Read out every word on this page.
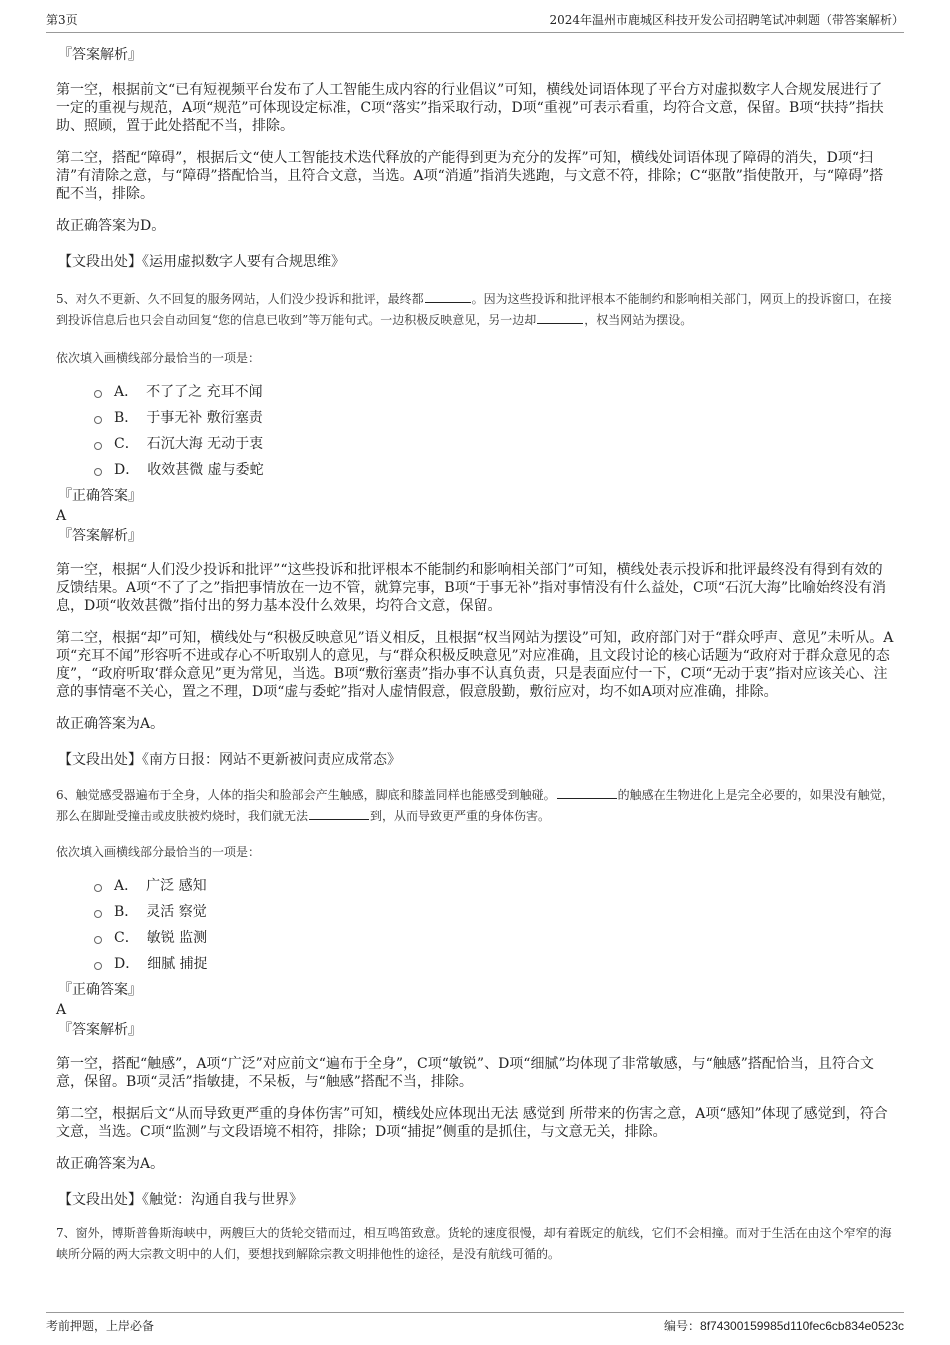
第3页	2024年温州市鹿城区科技开发公司招聘笔试冲刺题（带答案解析）

『答案解析』

第一空，根据前文“已有短视频平台发布了人工智能生成内容的行业倡议”可知，横线处词语体现了平台方对虚拟数字人合规发展进行了一定的重视与规范，A项“规范”可体现设定标准，C项“落实”指采取行动，D项“重视”可表示看重，均符合文意，保留。B项“扶持”指扶助、照顾，置于此处搭配不当，排除。

第二空，搭配“障碍”，根据后文“使人工智能技术迭代释放的产能得到更为充分的发挥”可知，横线处词语体现了障碍的消失，D项“扫清”有清除之意，与“障碍”搭配恰当，且符合文意，当选。A项“消遁”指消失逃跑，与文意不符，排除；C“驱散”指使散开，与“障碍”搭配不当，排除。

故正确答案为D。

【文段出处】《运用虚拟数字人要有合规思维》

5、对久不更新、久不回复的服务网站，人们没少投诉和批评，最终都	。因为这些投诉和批评根本不能制约和影响相关部门，网页上的投诉窗口，在接到投诉信息后也只会自动回复“您的信息已收到”等万能句式。一边积极反映意见，另一边却	，权当网站为摆设。

依次填入画横线部分最恰当的一项是：

A． 不了了之 充耳不闻
B． 于事无补 敷衍塞责
C． 石沉大海 无动于衷
D． 收效甚微 虚与委蛇

『正确答案』

A

『答案解析』

第一空，根据“人们没少投诉和批评”“这些投诉和批评根本不能制约和影响相关部门”可知，横线处表示投诉和批评最终没有得到有效的反馈结果。A项“不了了之”指把事情放在一边不管，就算完事，B项“于事无补”指对事情没有什么益处，C项“石沉大海”比喻始终没有消息，D项“收效甚微”指付出的努力基本没什么效果，均符合文意，保留。

第二空，根据“却”可知，横线处与“积极反映意见”语义相反，且根据“权当网站为摆设”可知，政府部门对于“群众呼声、意见”未听从。A项“充耳不闻”形容听不进或存心不听取别人的意见，与“群众积极反映意见”对应准确，且文段讨论的核心话题为“政府对于群众意见的态度”，“政府听取‘群众意见”更为常见，当选。B项“敷衍塞责”指办事不认真负责，只是表面应付一下，C项“无动于衷”指对应该关心、注意的事情毫不关心，置之不理，D项“虚与委蛇”指对人虚情假意，假意殷勤，敷衍应对，均不如A项对应准确，排除。

故正确答案为A。

【文段出处】《南方日报：网站不更新被问责应成常态》

6、触觉感受器遍布于全身，人体的指尖和脸部会产生触感，脚底和膝盖同样也能感受到触碰。	的触感在生物进化上是完全必要的，如果没有触觉，那么在脚趾受撞击或皮肤被灼烧时，我们就无法	到，从而导致更严重的身体伤害。

依次填入画横线部分最恰当的一项是：

A． 广泛 感知
B． 灵活 察觉
C． 敏锐 监测
D． 细腻 捕捉

『正确答案』

A

『答案解析』

第一空，搭配“触感”，A项“广泛”对应前文“遍布于全身”，C项“敏锐”、D项“细腻”均体现了非常敏感，与“触感”搭配恰当，且符合文意，保留。B项“灵活”指敏捷，不呆板，与“触感”搭配不当，排除。

第二空，根据后文“从而导致更严重的身体伤害”可知，横线处应体现出无法 感觉到 所带来的伤害之意，A项“感知”体现了感觉到，符合文意，当选。C项“监测”与文段语境不相符，排除；D项“捕捉”侧重的是抓住，与文意无关，排除。

故正确答案为A。

【文段出处】《触觉：沟通自我与世界》

7、窗外，博斯普鲁斯海峡中，两艘巨大的货轮交错而过，相互鸣笛致意。货轮的速度很慢，却有着既定的航线，它们不会相撞。而对于生活在由这个窄窄的海峡所分隔的两大宗教文明中的人们，要想找到解除宗教文明排他性的途径，是没有航线可循的。

考前押题，上岸必备	编号：8f74300159985d110fec6cb834e0523c
